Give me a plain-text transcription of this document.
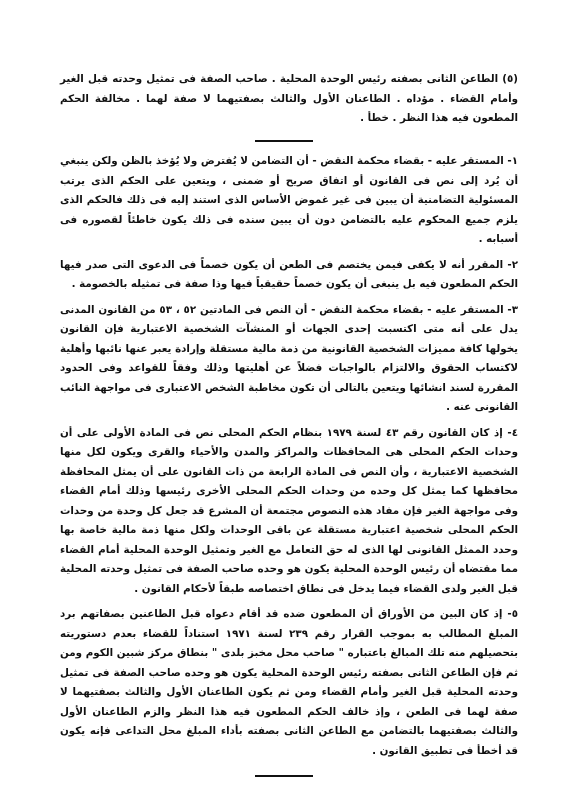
(٥) الطاعن الثانى بصفته رئيس الوحدة المحلية . صاحب الصفة فى تمثيل وحدته قبل الغير وأمام القضاء . مؤداه . الطاعنان الأول والثالث بصفتيهما لا صفة لهما . مخالفة الحكم المطعون فيه هذا النظر . خطأ .

١- المستقر عليه - بقضاء محكمة النقض - أن التضامن لا يُفترض ولا يُؤخذ بالظن ولكن ينبغي أن يُرد إلى نص فى القانون أو اتفاق صريح أو ضمنى ، ويتعين على الحكم الذى يرتب المسئولية التضامنية أن يبين فى غير غموض الأساس الذى استند إليه فى ذلك فالحكم الذى يلزم جميع المحكوم عليه بالتضامن دون أن يبين سنده فى ذلك يكون خاطئاً لقصوره فى أسبابه .

٢- المقرر أنه لا يكفى فيمن يختصم فى الطعن أن يكون خصماً فى الدعوى التى صدر فيها الحكم المطعون فيه بل ينبغى أن يكون خصماً حقيقياً فيها وذا صفة فى تمثيله بالخصومة .

٣- المستقر عليه - بقضاء محكمة النقض - أن النص فى المادتين ٥٢ ، ٥٣ من القانون المدنى يدل على أنه متى اكتسبت إحدى الجهات أو المنشآت الشخصية الاعتبارية فإن القانون يخولها كافة مميزات الشخصية القانونية من ذمة مالية مستقلة وإرادة يعبر عنها نائبها وأهلية لاكتساب الحقوق والالتزام بالواجبات فضلاً عن أهليتها وذلك وفقاً للقواعد وفى الحدود المقررة لسند انشائها ويتعين بالتالى أن تكون مخاطبة الشخص الاعتبارى فى مواجهة النائب القانونى عنه .

٤- إذ كان القانون رقم ٤٣ لسنة ١٩٧٩ بنظام الحكم المحلى نص فى المادة الأولى على أن وحدات الحكم المحلى هى المحافظات والمراكز والمدن والأحياء والقرى ويكون لكل منها الشخصية الاعتبارية ، وأن النص فى المادة الرابعة من ذات القانون على أن يمثل المحافظة محافظها كما يمثل كل وحده من وحدات الحكم المحلى الأخرى رئيسها وذلك أمام القضاء وفى مواجهة الغير فإن مفاد هذه النصوص مجتمعة أن المشرع قد جعل كل وحدة من وحدات الحكم المحلى شخصية اعتبارية مستقلة عن باقى الوحدات ولكل منها ذمة مالية خاصة بها وحدد الممثل القانونى لها الذى له حق التعامل مع الغير وتمثيل الوحدة المحلية أمام القضاء مما مقتضاه أن رئيس الوحدة المحلية يكون هو وحده صاحب الصفة فى تمثيل وحدته المحلية قبل الغير ولدى القضاء فيما يدخل فى نطاق اختصاصه طبقاً لأحكام القانون .

٥- إذ كان البين من الأوراق أن المطعون ضده قد أقام دعواه قبل الطاعنين بصفاتهم برد المبلغ المطالب به بموجب القرار رقم ٢٣٩ لسنة ١٩٧١ استناداً للقضاء بعدم دستوريته بتحصيلهم منه تلك المبالغ باعتباره " صاحب محل مخبز بلدى " بنطاق مركز شبين الكوم ومن ثم فإن الطاعن الثانى بصفته رئيس الوحدة المحلية يكون هو وحده صاحب الصفة فى تمثيل وحدته المحلية قبل الغير وأمام القضاء ومن ثم يكون الطاعنان الأول والثالث بصفتيهما لا صفة لهما فى الطعن ، وإذ خالف الحكم المطعون فيه هذا النظر والزم الطاعنان الأول والثالث بصفتيهما بالتضامن مع الطاعن الثانى بصفته بأداء المبلغ محل التداعى فإنه يكون قد أخطأ فى تطبيق القانون .
